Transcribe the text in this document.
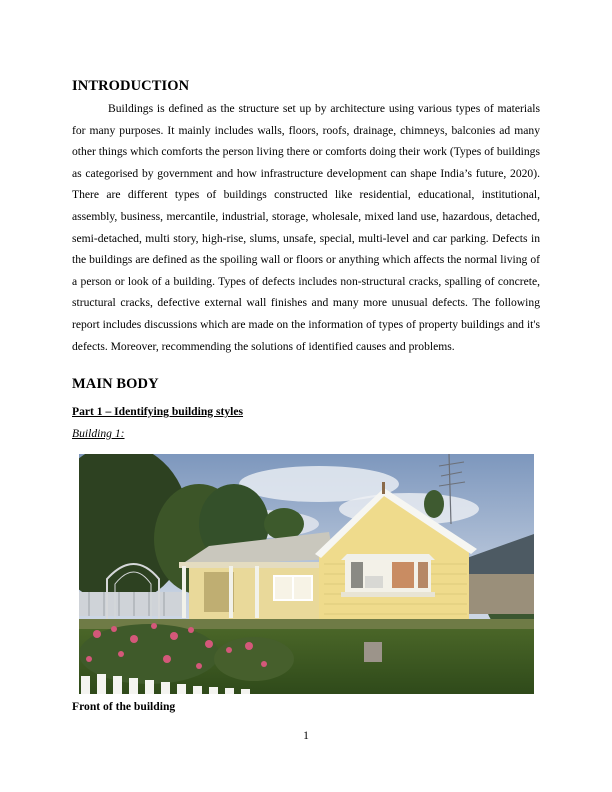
INTRODUCTION

Buildings is defined as the structure set up by architecture using various types of materials for many purposes. It mainly includes walls, floors, roofs, drainage, chimneys, balconies ad many other things which comforts the person living there or comforts doing their work (Types of buildings as categorised by government and how infrastructure development can shape India’s future, 2020). There are different types of buildings constructed like residential, educational, institutional, assembly, business, mercantile, industrial, storage, wholesale, mixed land use, hazardous, detached, semi-detached, multi story, high-rise, slums, unsafe, special, multi-level and car parking. Defects in the buildings are defined as the spoiling wall or floors or anything which affects the normal living of a person or look of a building. Types of defects includes non-structural cracks, spalling of concrete, structural cracks, defective external wall finishes and many more unusual defects. The following report includes discussions which are made on the information of types of property buildings and it's defects. Moreover, recommending the solutions of identified causes and problems.

MAIN BODY
Part 1 – Identifying building styles
Building 1:
Front of the building
1
